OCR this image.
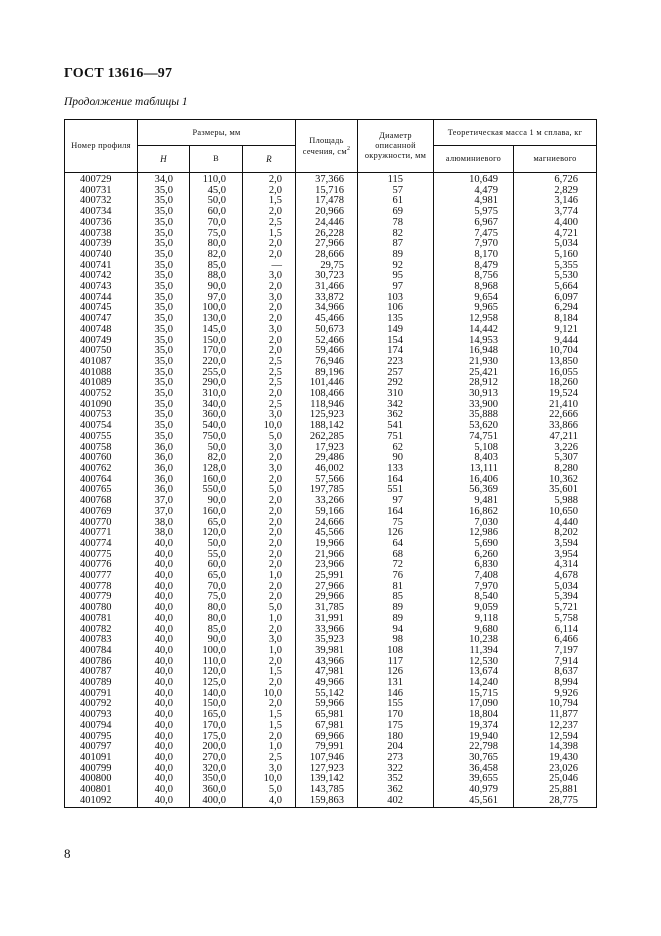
ГОСТ 13616—97
Продолжение таблицы 1
Номер профиля	Размеры, мм			Площадь сечения, $см^2$	Диаметр описанной окружности, мм	Теоретическая масса 1 м сплава, кг	
	H	B	R			алюминиевого	магниевого
400729	34,0	110,0	2,0	37,366	115	10,649	6,726
400731	35,0	45,0	2,0	15,716	57	4,479	2,829
400732	35,0	50,0	1,5	17,478	61	4,981	3,146
400734	35,0	60,0	2,0	20,966	69	5,975	3,774
400736	35,0	70,0	2,5	24,446	78	6,967	4,400
400738	35,0	75,0	1,5	26,228	82	7,475	4,721
400739	35,0	80,0	2,0	27,966	87	7,970	5,034
400740	35,0	82,0	2,0	28,666	89	8,170	5,160
400741	35,0	85,0	—	29,75	92	8,479	5,355
400742	35,0	88,0	3,0	30,723	95	8,756	5,530
400743	35,0	90,0	2,0	31,466	97	8,968	5,664
400744	35,0	97,0	3,0	33,872	103	9,654	6,097
400745	35,0	100,0	2,0	34,966	106	9,965	6,294
400747	35,0	130,0	2,0	45,466	135	12,958	8,184
400748	35,0	145,0	3,0	50,673	149	14,442	9,121
400749	35,0	150,0	2,0	52,466	154	14,953	9,444
400750	35,0	170,0	2,0	59,466	174	16,948	10,704
401087	35,0	220,0	2,5	76,946	223	21,930	13,850
401088	35,0	255,0	2,5	89,196	257	25,421	16,055
401089	35,0	290,0	2,5	101,446	292	28,912	18,260
400752	35,0	310,0	2,0	108,466	310	30,913	19,524
401090	35,0	340,0	2,5	118,946	342	33,900	21,410
400753	35,0	360,0	3,0	125,923	362	35,888	22,666
400754	35,0	540,0	10,0	188,142	541	53,620	33,866
400755	35,0	750,0	5,0	262,285	751	74,751	47,211
400758	36,0	50,0	3,0	17,923	62	5,108	3,226
400760	36,0	82,0	2,0	29,486	90	8,403	5,307
400762	36,0	128,0	3,0	46,002	133	13,111	8,280
400764	36,0	160,0	2,0	57,566	164	16,406	10,362
400765	36,0	550,0	5,0	197,785	551	56,369	35,601
400768	37,0	90,0	2,0	33,266	97	9,481	5,988
400769	37,0	160,0	2,0	59,166	164	16,862	10,650
400770	38,0	65,0	2,0	24,666	75	7,030	4,440
400771	38,0	120,0	2,0	45,566	126	12,986	8,202
400774	40,0	50,0	2,0	19,966	64	5,690	3,594
400775	40,0	55,0	2,0	21,966	68	6,260	3,954
400776	40,0	60,0	2,0	23,966	72	6,830	4,314
400777	40,0	65,0	1,0	25,991	76	7,408	4,678
400778	40,0	70,0	2,0	27,966	81	7,970	5,034
400779	40,0	75,0	2,0	29,966	85	8,540	5,394
400780	40,0	80,0	5,0	31,785	89	9,059	5,721
400781	40,0	80,0	1,0	31,991	89	9,118	5,758
400782	40,0	85,0	2,0	33,966	94	9,680	6,114
400783	40,0	90,0	3,0	35,923	98	10,238	6,466
400784	40,0	100,0	1,0	39,981	108	11,394	7,197
400786	40,0	110,0	2,0	43,966	117	12,530	7,914
400787	40,0	120,0	1,5	47,981	126	13,674	8,637
400789	40,0	125,0	2,0	49,966	131	14,240	8,994
400791	40,0	140,0	10,0	55,142	146	15,715	9,926
400792	40,0	150,0	2,0	59,966	155	17,090	10,794
400793	40,0	165,0	1,5	65,981	170	18,804	11,877
400794	40,0	170,0	1,5	67,981	175	19,374	12,237
400795	40,0	175,0	2,0	69,966	180	19,940	12,594
400797	40,0	200,0	1,0	79,991	204	22,798	14,398
401091	40,0	270,0	2,5	107,946	273	30,765	19,430
400799	40,0	320,0	3,0	127,923	322	36,458	23,026
400800	40,0	350,0	10,0	139,142	352	39,655	25,046
400801	40,0	360,0	5,0	143,785	362	40,979	25,881
401092	40,0	400,0	4,0	159,863	402	45,561	28,775
8
